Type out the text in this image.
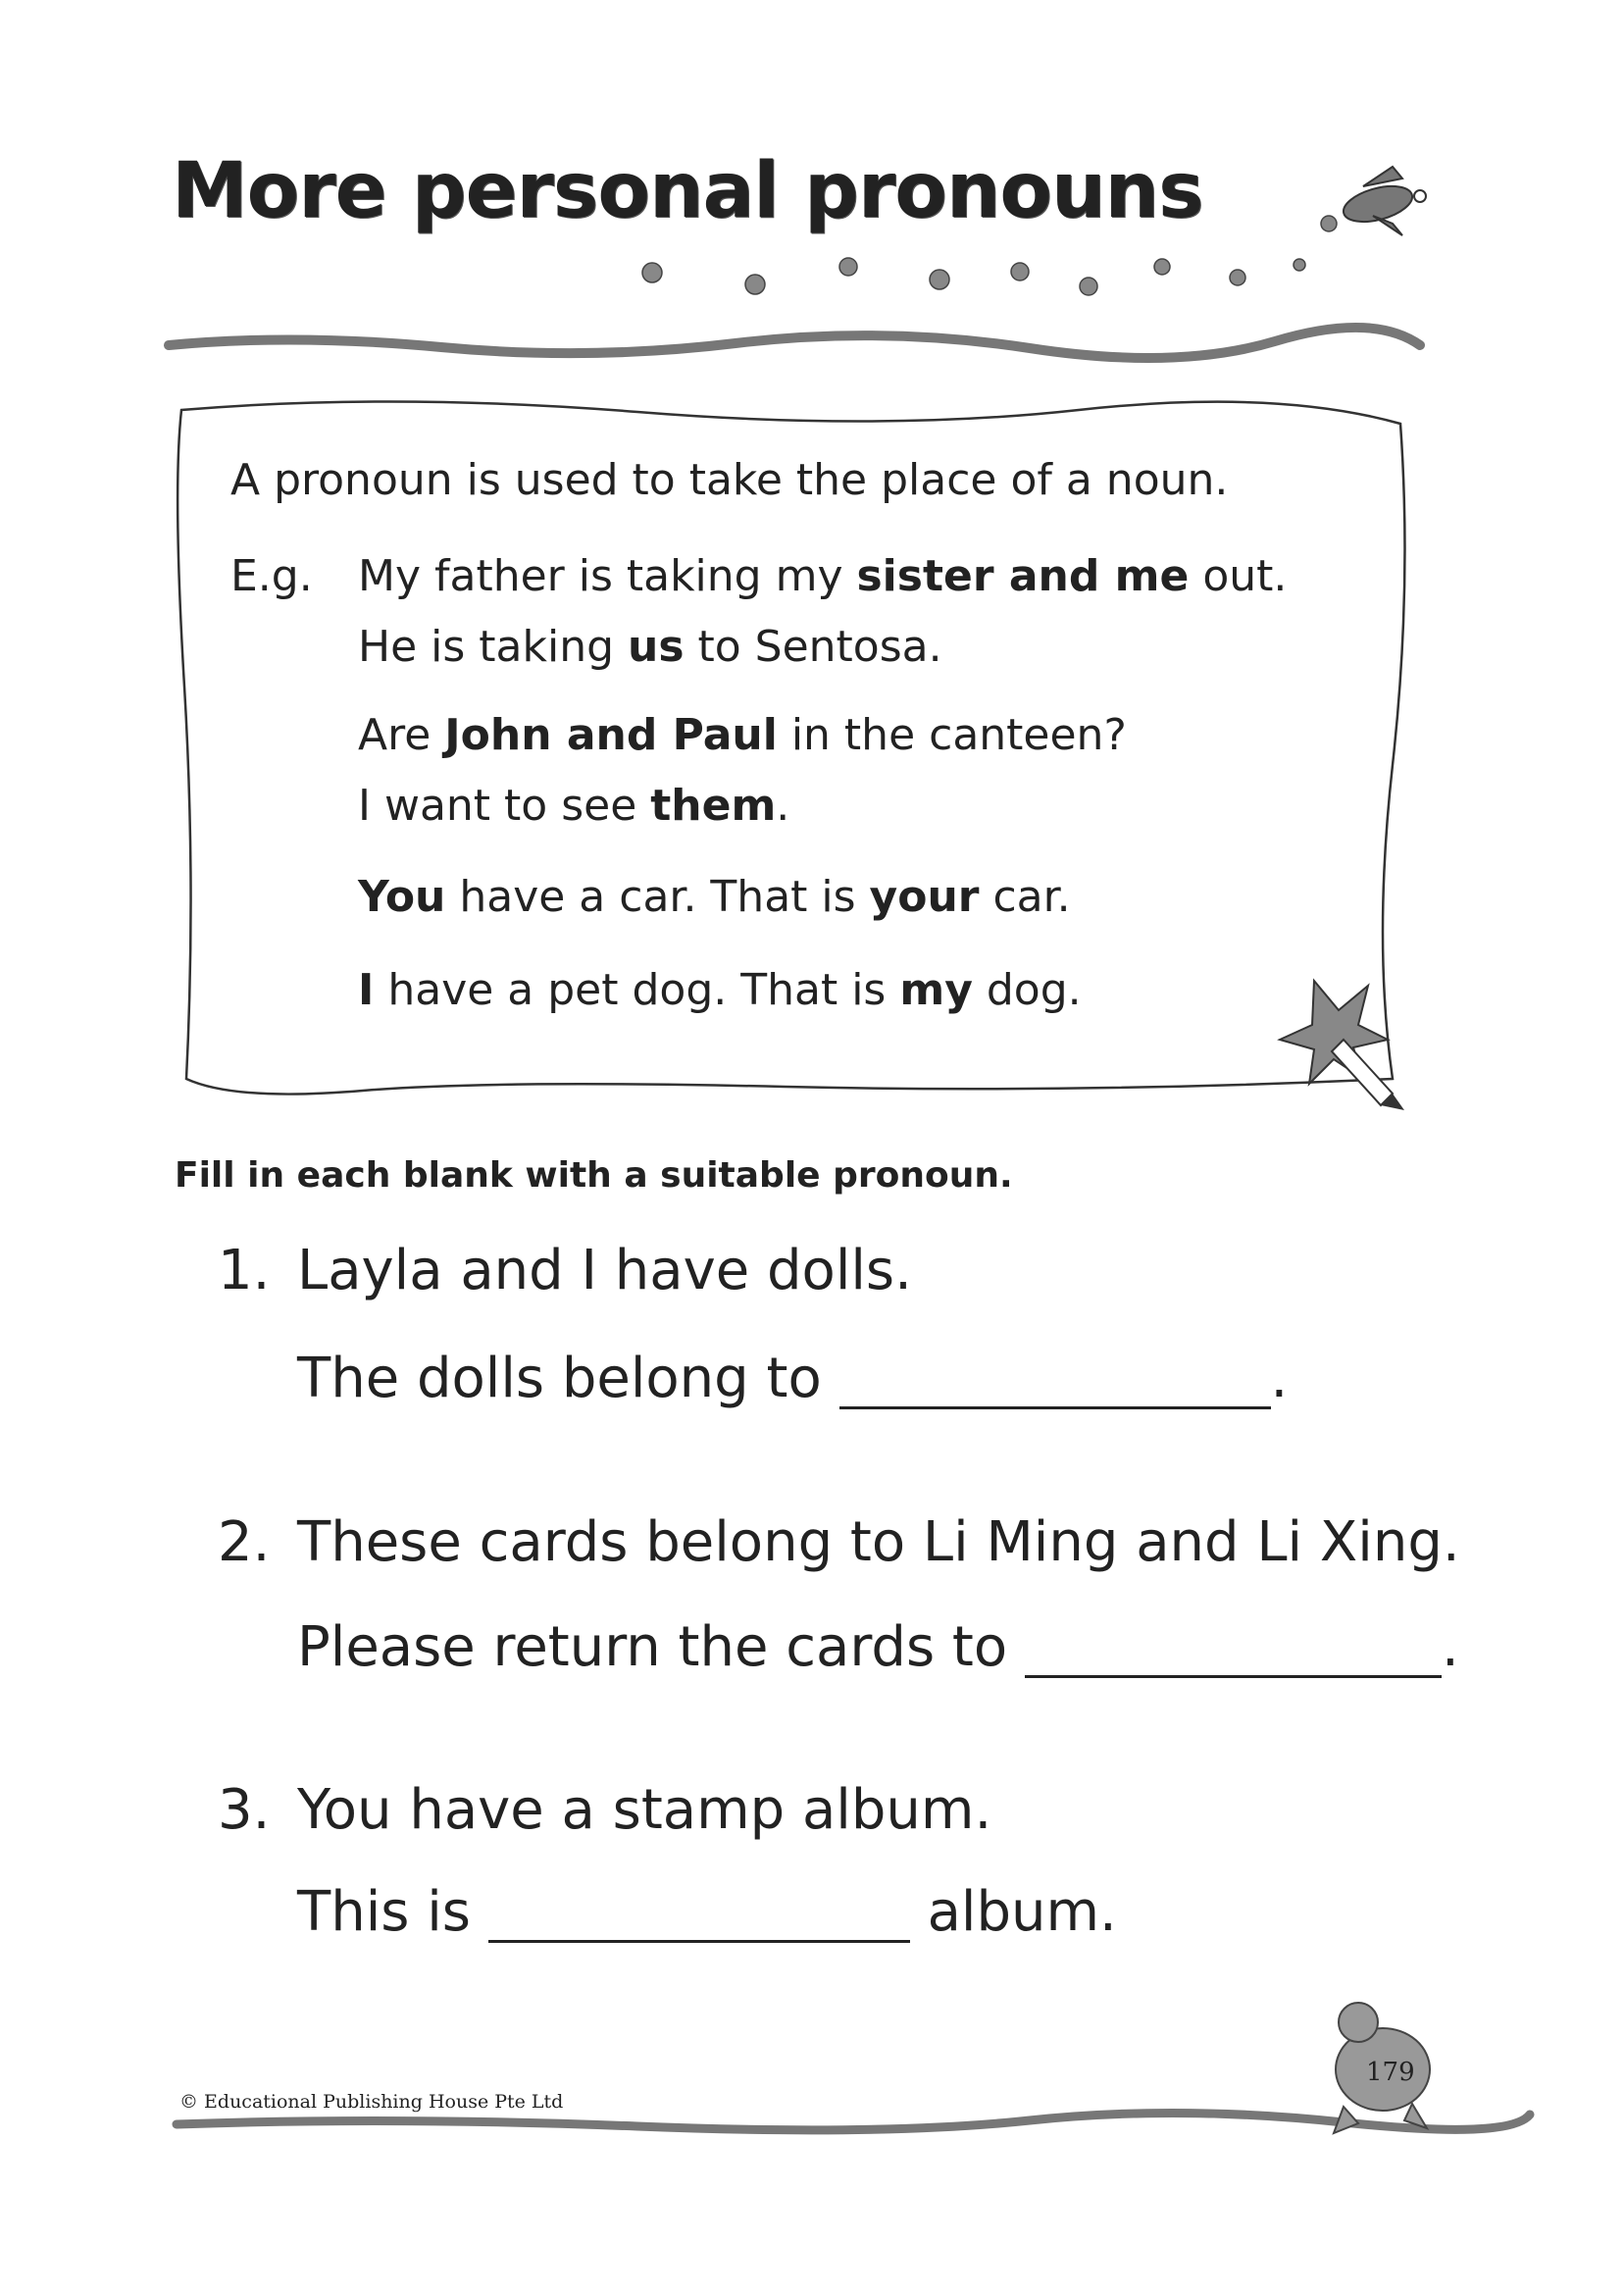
More personal pronouns
A pronoun is used to take the place of a noun.
E.g. My father is taking my sister and me out.
He is taking us to Sentosa.
Are John and Paul in the canteen?
I want to see them.
You have a car. That is your car.
I have a pet dog. That is my dog.
Fill in each blank with a suitable pronoun.
1. Layla and I have dolls.
The dolls belong to	.
2. These cards belong to Li Ming and Li Xing.
Please return the cards to	.
3. You have a stamp album.
This is	album.
179
© Educational Publishing House Pte Ltd
